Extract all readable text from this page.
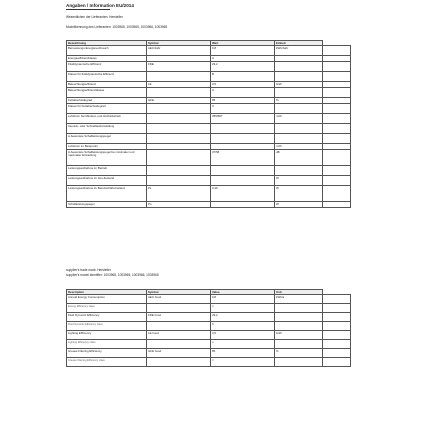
Angaben / Information EU/2014
Wesentlichen der Lieferanten: Hersteller
Modellkennung des Lieferanten: 1003965, 1003965, 1003966, 1003965
Bezeichnung	Symbol	Wert	Einheit	
Bemessungs-Energieverbrauch	AEC/Jahr	0,8	kWh/Jahr	
Energieeffizienzklasse		A		
Fluiddynamische Effizienz	FDE	29,2		
Klasse für fluiddynamische Effizienz		B		
Beleuchtungseffizienz	LE	3,5	lx/W	
Beleuchtungseffizienzklasse		A		
Fettabscheidegrad	GFE	85	%	
Klasse für Fettabscheidegrad		C		
Luftstrom bei Mindest- und Höchstbetrieb		355/587	m³/h	
Intensiv- oder Schnelllaufeinstellung				
A-bewertete Schallleistungspegel				
Luftstrom im Bestpunkt			m³/h	
A-bewertete Schallleistungspegel bei minimaler und maximaler Einstellung		37/58	dB	
Leistungsaufnahme im Betrieb				
Leistungsaufnahme im Aus-Zustand			W	
Leistungsaufnahme im Bereitschaftszustand	Ps	0,49	W	
Schallleistungspegel	Po		W	
supplier's trade mark: Hersteller
supplier's model identifier: 1003965, 1003965, 1003966, 1003965
Description	Symbol	Value	Unit	
Annual Energy Consumption	AEC hood	0,8	kWh/a	
Energy Efficiency class		A		
Fluid Dynamic Efficiency	FDE hood	29,2		
Fluid Dynamic Efficiency class		B		
Lighting Efficiency	LE hood	3,5	lx/W	
Lighting Efficiency class		A		
Grease Filtering Efficiency	GFE hood	85	%	
Grease Filtering Efficiency class		C		
